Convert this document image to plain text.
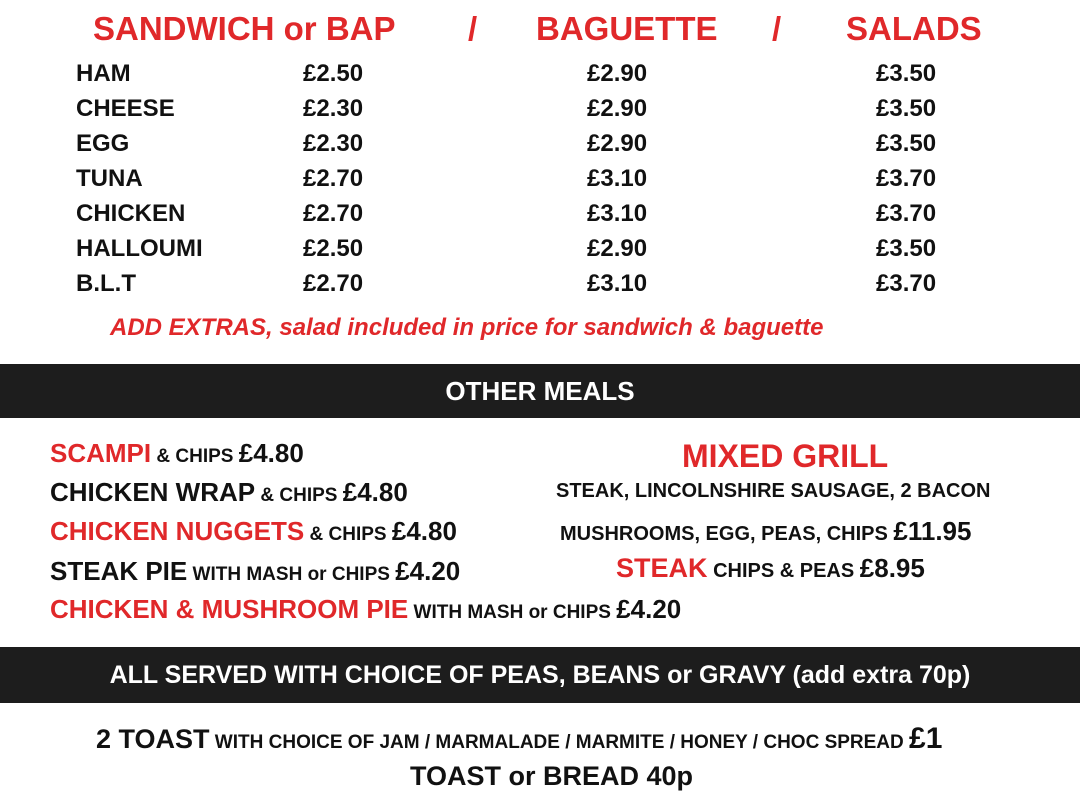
SANDWICH or BAP / BAGUETTE / SALADS
HAM	£2.50	£2.90	£3.50
CHEESE	£2.30	£2.90	£3.50
EGG	£2.30	£2.90	£3.50
TUNA	£2.70	£3.10	£3.70
CHICKEN	£2.70	£3.10	£3.70
HALLOUMI	£2.50	£2.90	£3.50
B.L.T	£2.70	£3.10	£3.70
ADD EXTRAS, salad included in price for sandwich & baguette
OTHER MEALS
SCAMPI & CHIPS £4.80
CHICKEN WRAP & CHIPS £4.80
CHICKEN NUGGETS & CHIPS £4.80
STEAK PIE WITH MASH or CHIPS £4.20
CHICKEN & MUSHROOM PIE WITH MASH or CHIPS £4.20
MIXED GRILL
STEAK, LINCOLNSHIRE SAUSAGE, 2 BACON
MUSHROOMS, EGG, PEAS, CHIPS £11.95
STEAK CHIPS & PEAS £8.95
ALL SERVED WITH CHOICE OF PEAS, BEANS or GRAVY (add extra 70p)
2 TOAST WITH CHOICE OF JAM / MARMALADE / MARMITE / HONEY / CHOC SPREAD £1
TOAST or BREAD 40p
